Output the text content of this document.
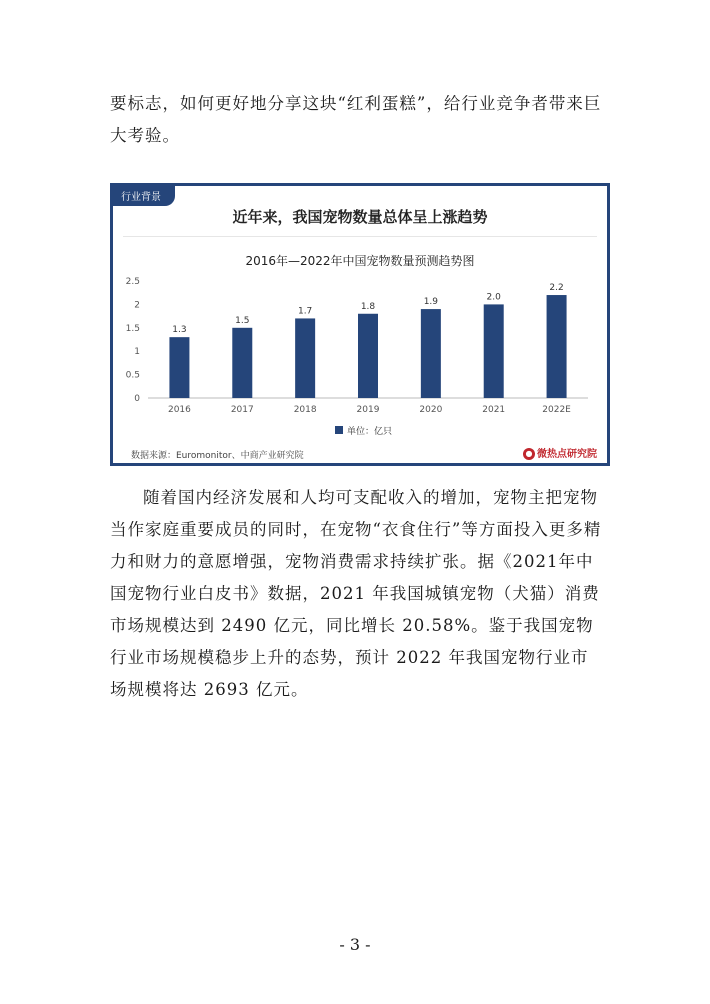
要标志，如何更好地分享这块“红利蛋糕”，给行业竞争者带来巨大考验。

行业背景
近年来，我国宠物数量总体呈上涨趋势
2016年—2022年中国宠物数量预测趋势图
0
0.5
1
1.5
2
2.5
1.3
2016
1.5
2017
1.7
2018
1.8
2019
1.9
2020
2.0
2021
2.2
2022E
单位：亿只
数据来源：Euromonitor、中商产业研究院	● 微热点研究院

随着国内经济发展和人均可支配收入的增加，宠物主把宠物当作家庭重要成员的同时，在宠物“衣食住行”等方面投入更多精力和财力的意愿增强，宠物消费需求持续扩张。据《2021年中国宠物行业白皮书》数据，2021 年我国城镇宠物（犬猫）消费市场规模达到 2490 亿元，同比增长 20.58%。鉴于我国宠物行业市场规模稳步上升的态势，预计 2022 年我国宠物行业市场规模将达 2693 亿元。

- 3 -
